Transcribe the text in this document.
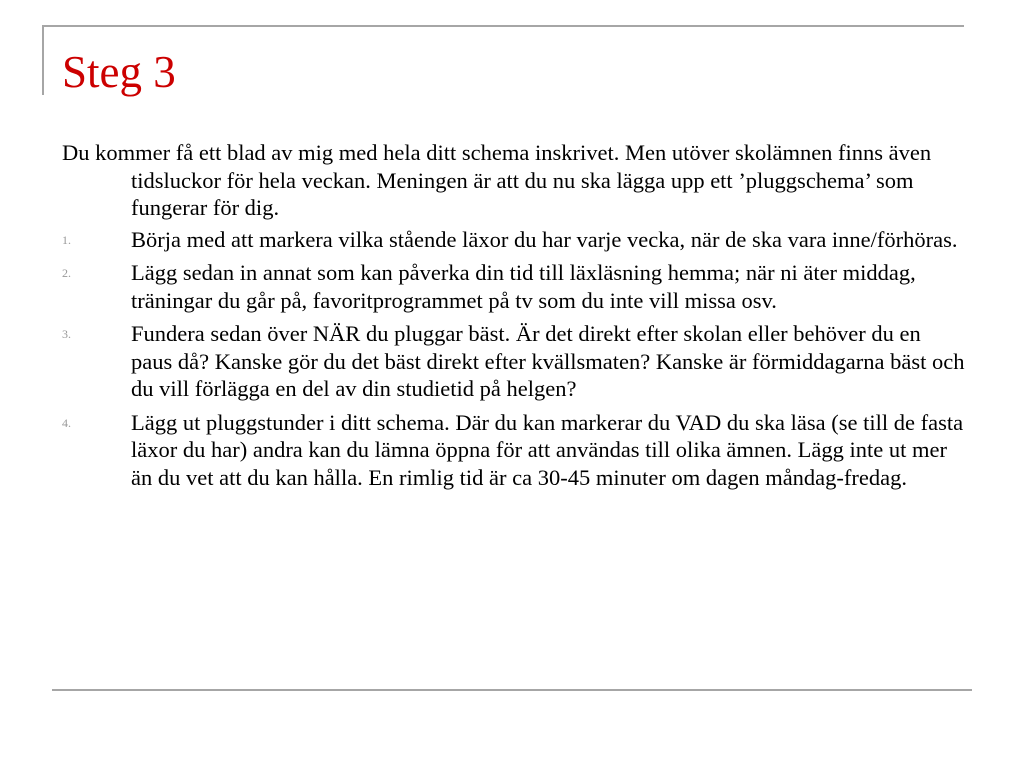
Steg 3

Du kommer få ett blad av mig med hela ditt schema inskrivet. Men utöver skolämnen finns även tidsluckor för hela veckan. Meningen är att du nu ska lägga upp ett ’pluggschema’ som fungerar för dig.

1.	Börja med att markera vilka stående läxor du har varje vecka, när de ska vara inne/förhöras.
2.	Lägg sedan in annat som kan påverka din tid till läxläsning hemma; när ni äter middag, träningar du går på, favoritprogrammet på tv som du inte vill missa osv.
3.	Fundera sedan över NÄR du pluggar bäst. Är det direkt efter skolan eller behöver du en paus då? Kanske gör du det bäst direkt efter kvällsmaten? Kanske är förmiddagarna bäst och du vill förlägga en del av din studietid på helgen?
4.	Lägg ut pluggstunder i ditt schema. Där du kan markerar du VAD du ska läsa (se till de fasta läxor du har) andra kan du lämna öppna för att användas till olika ämnen. Lägg inte ut mer än du vet att du kan hålla. En rimlig tid är ca 30-45 minuter om dagen måndag-fredag.
